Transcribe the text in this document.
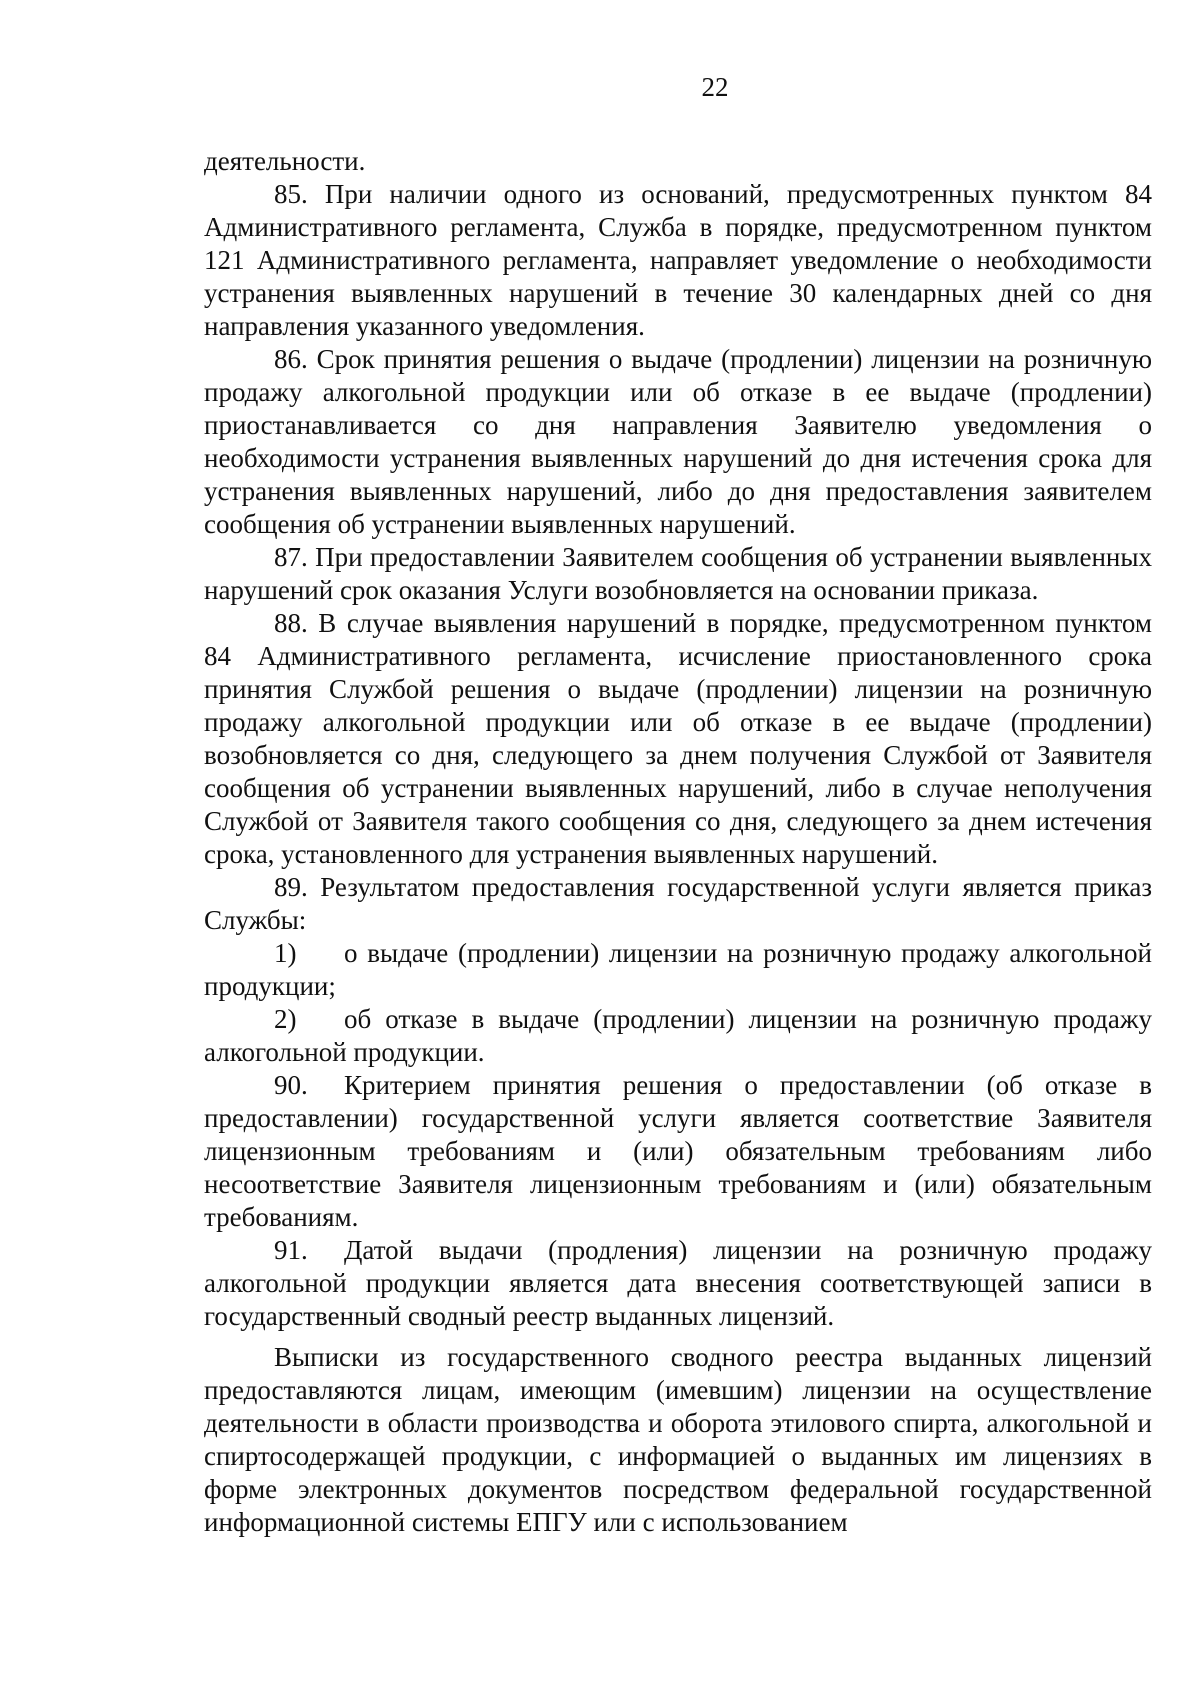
22

деятельности.

85. При наличии одного из оснований, предусмотренных пунктом 84 Административного регламента, Служба в порядке, предусмотренном пунктом 121 Административного регламента, направляет уведомление о необходимости устранения выявленных нарушений в течение 30 календарных дней со дня направления указанного уведомления.

86. Срок принятия решения о выдаче (продлении) лицензии на розничную продажу алкогольной продукции или об отказе в ее выдаче (продлении) приостанавливается со дня направления Заявителю уведомления о необходимости устранения выявленных нарушений до дня истечения срока для устранения выявленных нарушений, либо до дня предоставления заявителем сообщения об устранении выявленных нарушений.

87. При предоставлении Заявителем сообщения об устранении выявленных нарушений срок оказания Услуги возобновляется на основании приказа.

88. В случае выявления нарушений в порядке, предусмотренном пунктом 84 Административного регламента, исчисление приостановленного срока принятия Службой решения о выдаче (продлении) лицензии на розничную продажу алкогольной продукции или об отказе в ее выдаче (продлении) возобновляется со дня, следующего за днем получения Службой от Заявителя сообщения об устранении выявленных нарушений, либо в случае неполучения Службой от Заявителя такого сообщения со дня, следующего за днем истечения срока, установленного для устранения выявленных нарушений.

89. Результатом предоставления государственной услуги является приказ Службы:

1) о выдаче (продлении) лицензии на розничную продажу алкогольной продукции;

2) об отказе в выдаче (продлении) лицензии на розничную продажу алкогольной продукции.

90. Критерием принятия решения о предоставлении (об отказе в предоставлении) государственной услуги является соответствие Заявителя лицензионным требованиям и (или) обязательным требованиям либо несоответствие Заявителя лицензионным требованиям и (или) обязательным требованиям.

91. Датой выдачи (продления) лицензии на розничную продажу алкогольной продукции является дата внесения соответствующей записи в государственный сводный реестр выданных лицензий.

Выписки из государственного сводного реестра выданных лицензий предоставляются лицам, имеющим (имевшим) лицензии на осуществление деятельности в области производства и оборота этилового спирта, алкогольной и спиртосодержащей продукции, с информацией о выданных им лицензиях в форме электронных документов посредством федеральной государственной информационной системы ЕПГУ или с использованием
